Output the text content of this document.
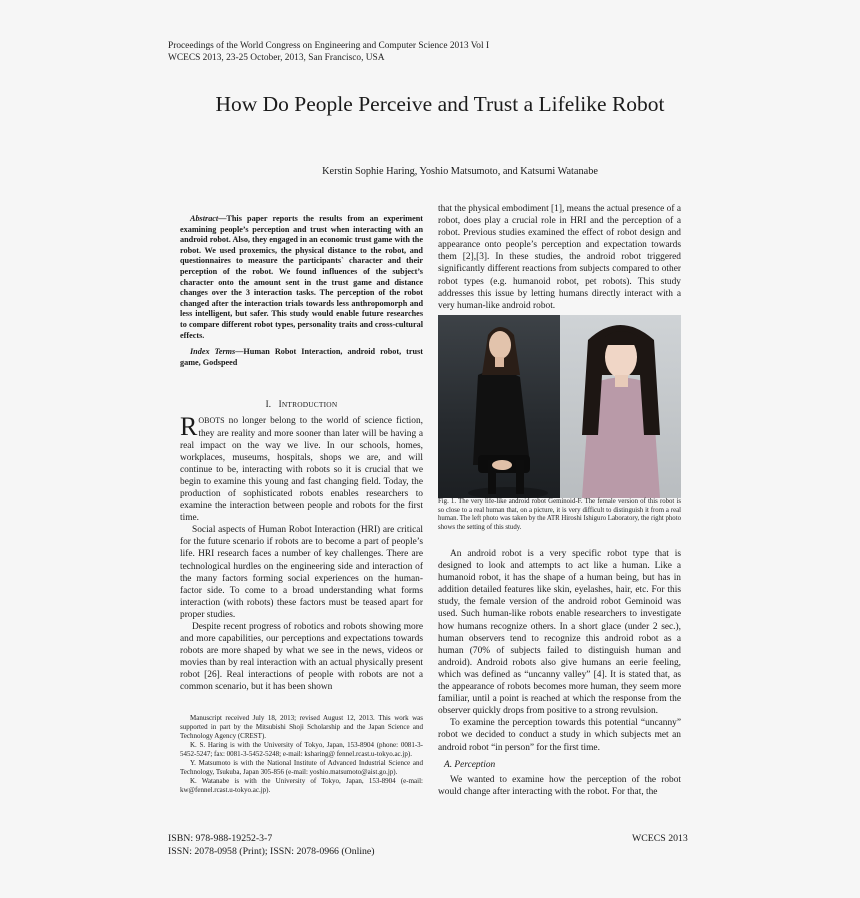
Proceedings of the World Congress on Engineering and Computer Science 2013 Vol I
WCECS 2013, 23-25 October, 2013, San Francisco, USA
How Do People Perceive and Trust a Lifelike Robot
Kerstin Sophie Haring, Yoshio Matsumoto, and Katsumi Watanabe

Abstract—This paper reports the results from an experiment examining people’s perception and trust when interacting with an android robot. Also, they engaged in an economic trust game with the robot. We used proxemics, the physical distance to the robot, and questionnaires to measure the participants` character and their perception of the robot. We found influences of the subject’s character onto the amount sent in the trust game and distance changes over the 3 interaction tasks. The perception of the robot changed after the interaction trials towards less anthropomorph and less intelligent, but safer. This study would enable future researches to compare different robot types, personality traits and cross-cultural effects.

Index Terms—Human Robot Interaction, android robot, trust game, Godspeed

I. INTRODUCTION

ROBOTS no longer belong to the world of science fiction, they are reality and more sooner than later will be having a real impact on the way we live. In our schools, homes, workplaces, museums, hospitals, shops we are, and will continue to be, interacting with robots so it is crucial that we begin to examine this young and fast changing field. Today, the production of sophisticated robots enables researchers to examine the interaction between people and robots for the first time.

Social aspects of Human Robot Interaction (HRI) are critical for the future scenario if robots are to become a part of people’s life. HRI research faces a number of key challenges. There are technological hurdles on the engineering side and interaction of the many factors forming social experiences on the human-factor side. To come to a broad understanding what forms interaction (with robots) these factors must be teased apart for proper studies.

Despite recent progress of robotics and robots showing more and more capabilities, our perceptions and expectations towards robots are more shaped by what we see in the news, videos or movies than by real interaction with an actual physically present robot [26]. Real interactions of people with robots are not a common scenario, but it has been shown

Manuscript received July 18, 2013; revised August 12, 2013. This work was supported in part by the Mitsubishi Shoji Scholarship and the Japan Science and Technology Agency (CREST).

K. S. Haring is with the University of Tokyo, Japan, 153-8904 (phone: 0081-3-5452-5247; fax: 0081-3-5452-5248; e-mail: ksharing@ fennel.rcast.u-tokyo.ac.jp).

Y. Matsumoto is with the National Institute of Advanced Industrial Science and Technology, Tsukuba, Japan 305-856 (e-mail: yoshio.matsumoto@aist.go.jp).

K. Watanabe is with the University of Tokyo, Japan, 153-8904 (e-mail: kw@fennel.rcast.u-tokyo.ac.jp).

that the physical embodiment [1], means the actual presence of a robot, does play a crucial role in HRI and the perception of a robot. Previous studies examined the effect of robot design and appearance onto people’s perception and expectation towards them [2],[3]. In these studies, the android robot triggered significantly different reactions from subjects compared to other robot types (e.g. humanoid robot, pet robots). This study addresses this issue by letting humans directly interact with a very human-like android robot.

Fig. 1. The very life-like android robot Geminoid-F. The female version of this robot is so close to a real human that, on a picture, it is very difficult to distinguish it from a real human. The left photo was taken by the ATR Hiroshi Ishiguro Laboratory, the right photo shows the setting of this study.

An android robot is a very specific robot type that is designed to look and attempts to act like a human. Like a humanoid robot, it has the shape of a human being, but has in addition detailed features like skin, eyelashes, hair, etc. For this study, the female version of the android robot Geminoid was used. Such human-like robots enable researchers to investigate how humans recognize others. In a short glace (under 2 sec.), human observers tend to recognize this android robot as a human (70% of subjects failed to distinguish human and android). Android robots also give humans an eerie feeling, which was defined as “uncanny valley” [4]. It is stated that, as the appearance of robots becomes more human, they seem more familiar, until a point is reached at which the response from the observer quickly drops from positive to a strong revulsion.

To examine the perception towards this potential “uncanny” robot we decided to conduct a study in which subjects met an android robot “in person” for the first time.

A. Perception

We wanted to examine how the perception of the robot would change after interacting with the robot. For that, the

ISBN: 978-988-19252-3-7
ISSN: 2078-0958 (Print); ISSN: 2078-0966 (Online)
WCECS 2013
